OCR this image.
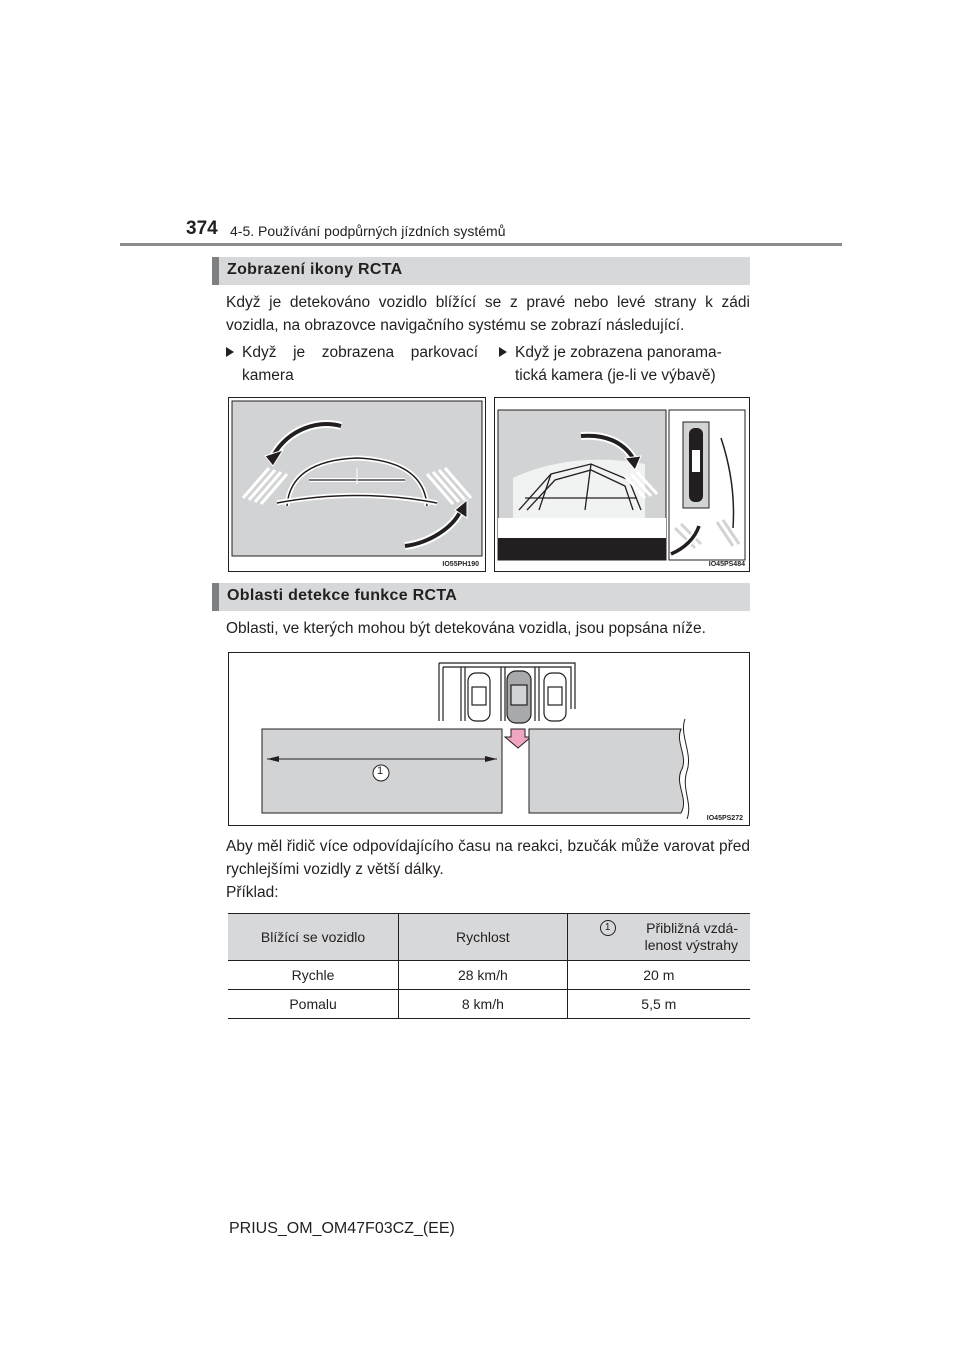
374 4-5. Používání podpůrných jízdních systémů
Zobrazení ikony RCTA
Když je detekováno vozidlo blížící se z pravé nebo levé strany k zádi vozidla, na obrazovce navigačního systému se zobrazí následující.
Když je zobrazena parkovací kamera
Když je zobrazena panorama-
tická kamera (je-li ve výbavě)
IO55PH190	IO45PS484
Oblasti detekce funkce RCTA
Oblasti, ve kterých mohou být detekována vozidla, jsou popsána níže.
1
IO45PS272
Aby měl řidič více odpovídajícího času na reakci, bzučák může varovat před rychlejšími vozidly z větší dálky.
Příklad:
Blížící se vozidlo	Rychlost	1 Přibližná vzdá-
lenost výstrahy

Rychle	28 km/h	20 m
Pomalu	8 km/h	5,5 m
PRIUS_OM_OM47F03CZ_(EE)
